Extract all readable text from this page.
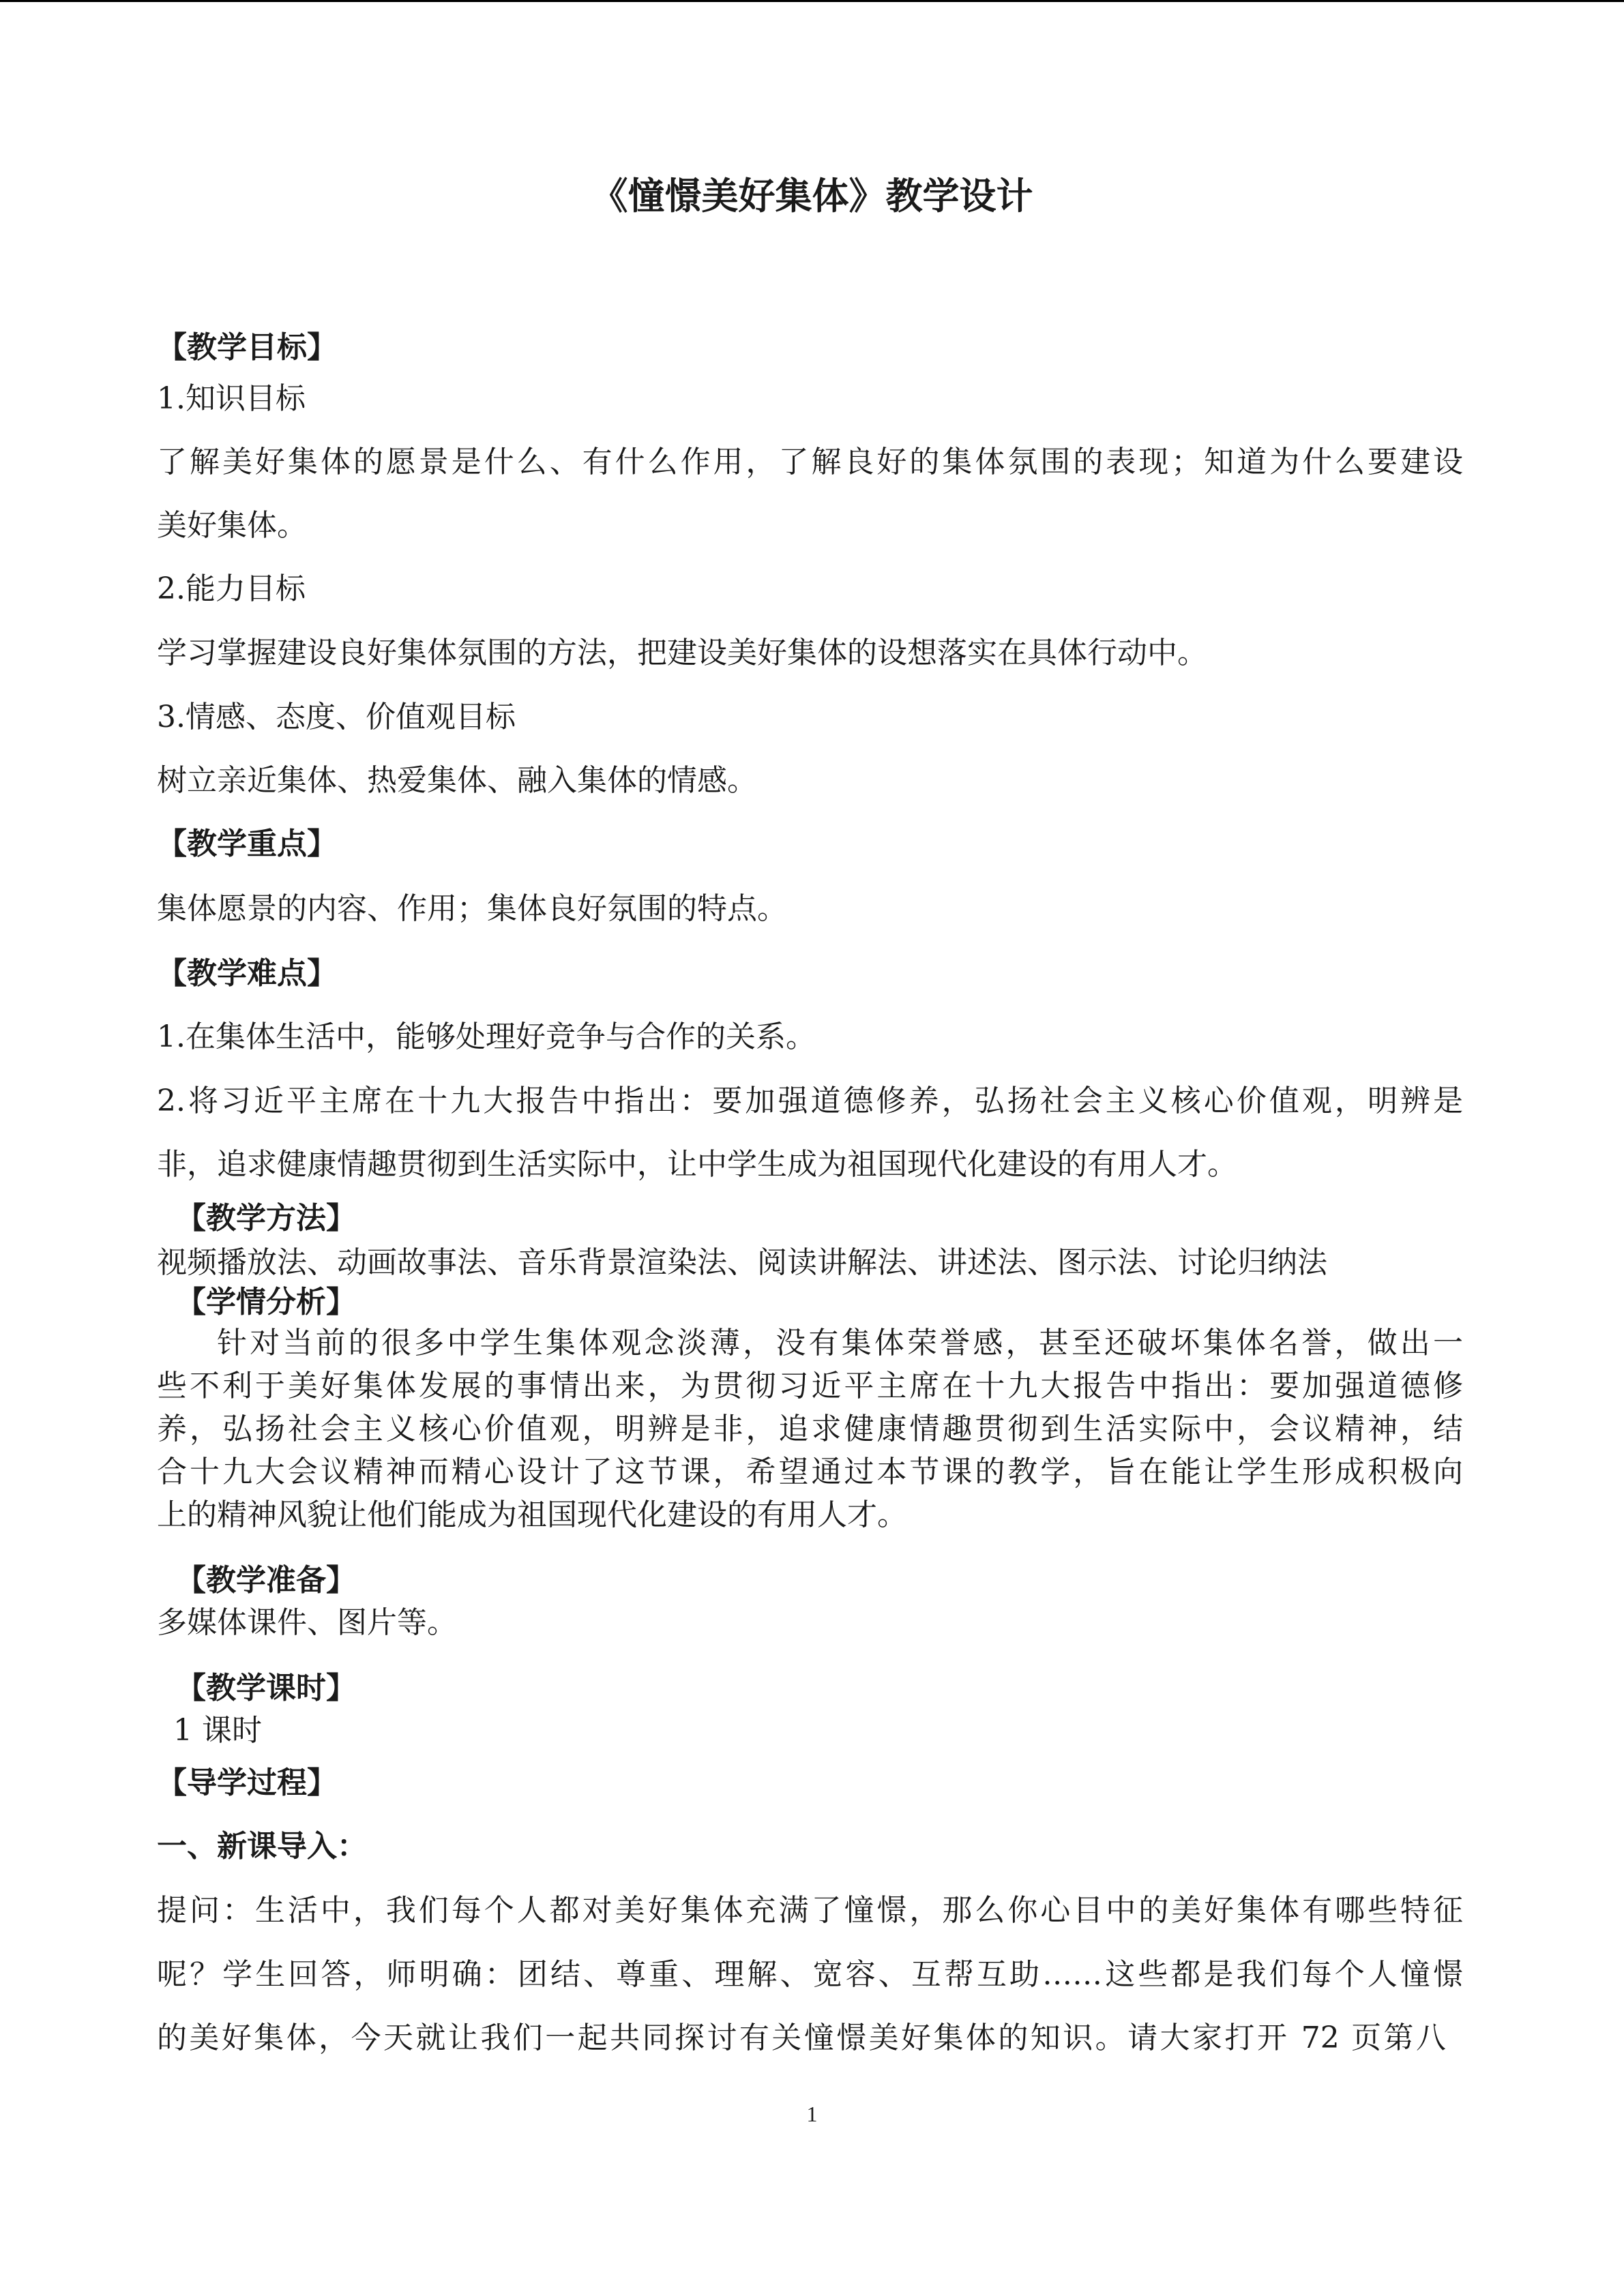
《憧憬美好集体》教学设计
【教学目标】
1.知识目标
了解美好集体的愿景是什么、有什么作用，了解良好的集体氛围的表现；知道为什么要建设
美好集体。
2.能力目标
学习掌握建设良好集体氛围的方法，把建设美好集体的设想落实在具体行动中。
3.情感、态度、价值观目标
树立亲近集体、热爱集体、融入集体的情感。
【教学重点】
集体愿景的内容、作用；集体良好氛围的特点。
【教学难点】
1.在集体生活中，能够处理好竞争与合作的关系。
2.将习近平主席在十九大报告中指出：要加强道德修养，弘扬社会主义核心价值观，明辨是
非，追求健康情趣贯彻到生活实际中，让中学生成为祖国现代化建设的有用人才。
【教学方法】
视频播放法、动画故事法、音乐背景渲染法、阅读讲解法、讲述法、图示法、讨论归纳法
【学情分析】
针对当前的很多中学生集体观念淡薄，没有集体荣誉感，甚至还破坏集体名誉，做出一
些不利于美好集体发展的事情出来，为贯彻习近平主席在十九大报告中指出：要加强道德修
养，弘扬社会主义核心价值观，明辨是非，追求健康情趣贯彻到生活实际中，会议精神，结
合十九大会议精神而精心设计了这节课，希望通过本节课的教学，旨在能让学生形成积极向
上的精神风貌让他们能成为祖国现代化建设的有用人才。
【教学准备】
多媒体课件、图片等。
【教学课时】
1 课时
【导学过程】
一、新课导入：
提问：生活中，我们每个人都对美好集体充满了憧憬，那么你心目中的美好集体有哪些特征
呢？学生回答，师明确：团结、尊重、理解、宽容、互帮互助……这些都是我们每个人憧憬
的美好集体，今天就让我们一起共同探讨有关憧憬美好集体的知识。请大家打开 72 页第八
1
